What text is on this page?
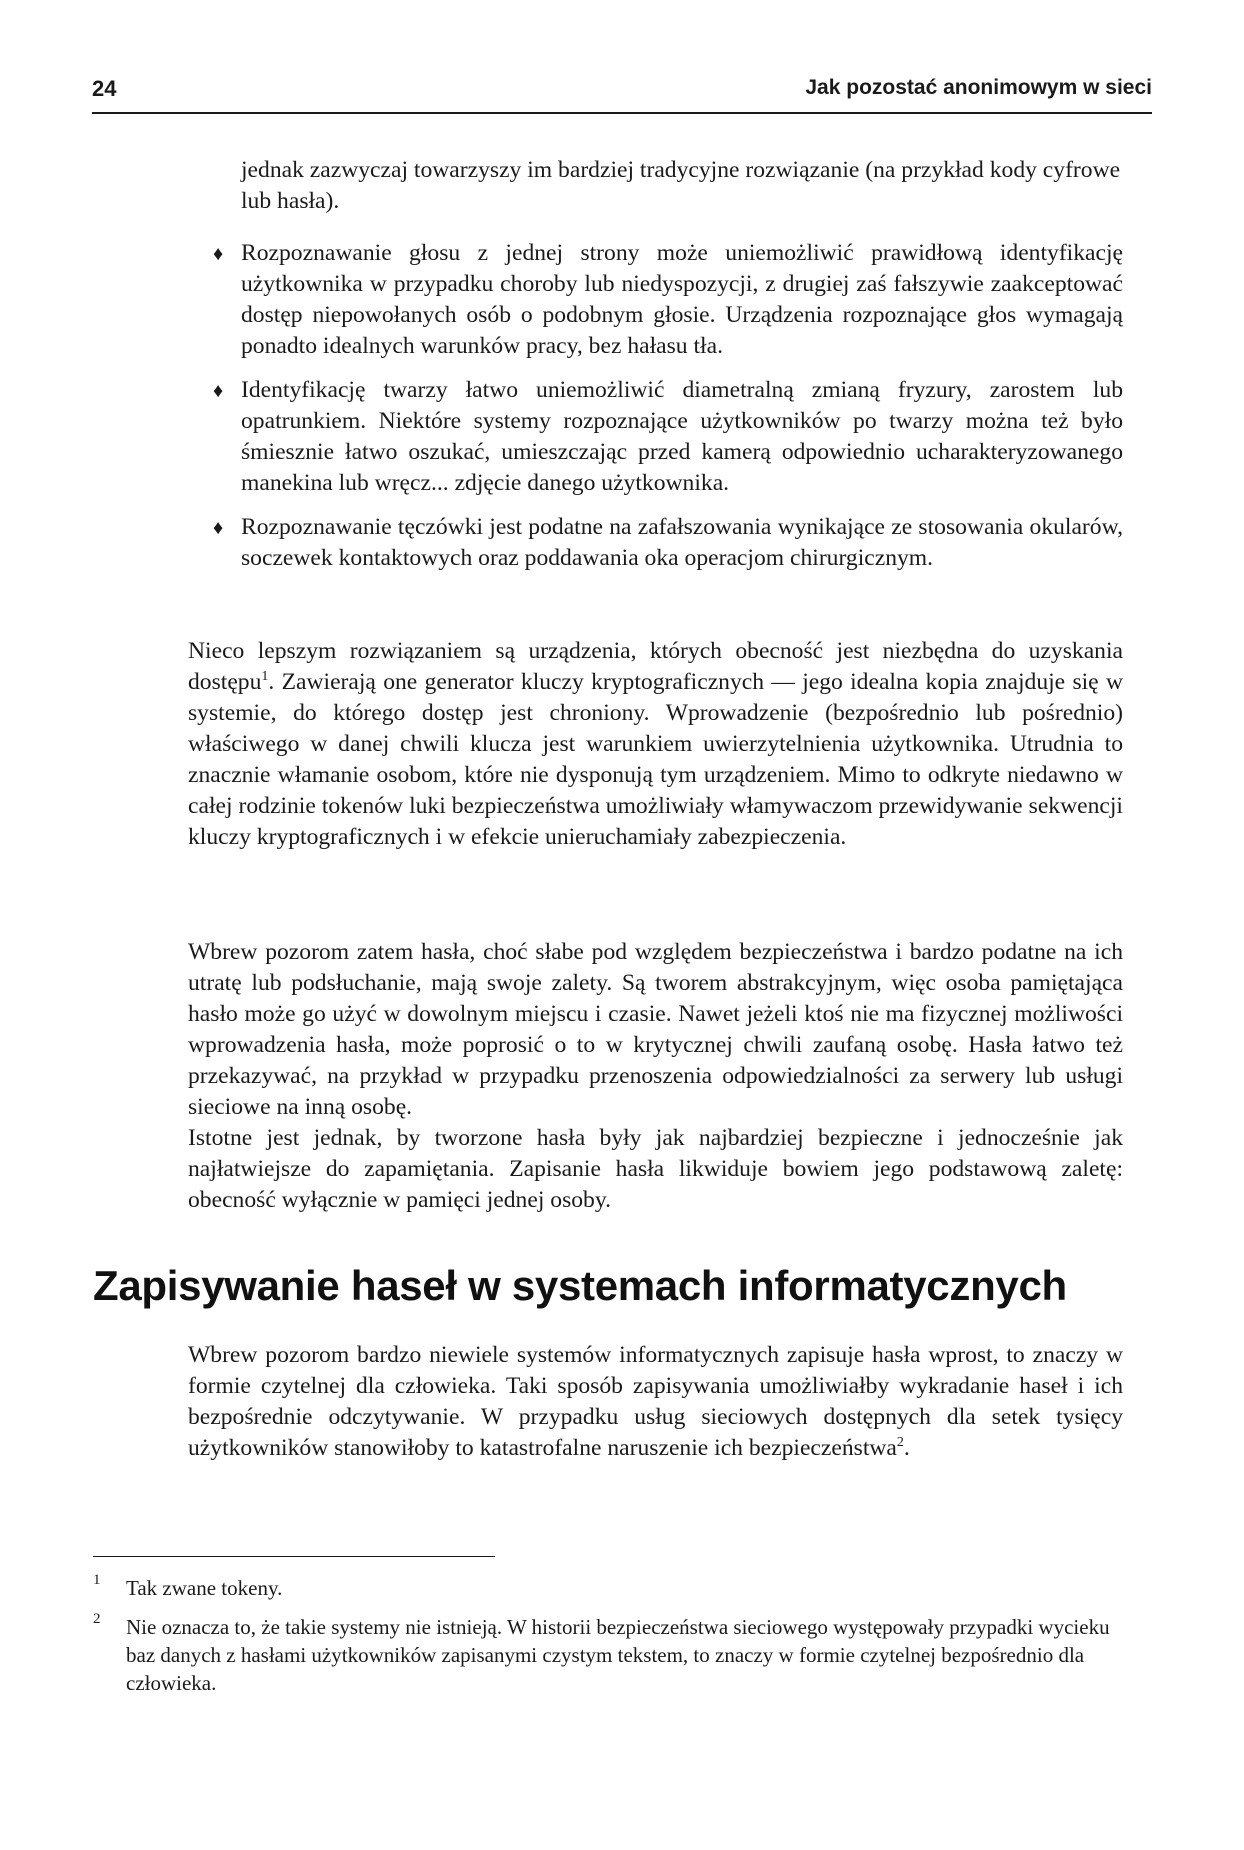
24	Jak pozostać anonimowym w sieci

jednak zazwyczaj towarzyszy im bardziej tradycyjne rozwiązanie (na przykład kody cyfrowe lub hasła).

♦ Rozpoznawanie głosu z jednej strony może uniemożliwić prawidłową identyfikację użytkownika w przypadku choroby lub niedyspozycji, z drugiej zaś fałszywie zaakceptować dostęp niepowołanych osób o podobnym głosie. Urządzenia rozpoznające głos wymagają ponadto idealnych warunków pracy, bez hałasu tła.
♦ Identyfikację twarzy łatwo uniemożliwić diametralną zmianą fryzury, zarostem lub opatrunkiem. Niektóre systemy rozpoznające użytkowników po twarzy można też było śmiesznie łatwo oszukać, umieszczając przed kamerą odpowiednio ucharakteryzowanego manekina lub wręcz... zdjęcie danego użytkownika.
♦ Rozpoznawanie tęczówki jest podatne na zafałszowania wynikające ze stosowania okularów, soczewek kontaktowych oraz poddawania oka operacjom chirurgicznym.

Nieco lepszym rozwiązaniem są urządzenia, których obecność jest niezbędna do uzyskania dostępu$^1$. Zawierają one generator kluczy kryptograficznych — jego idealna kopia znajduje się w systemie, do którego dostęp jest chroniony. Wprowadzenie (bezpośrednio lub pośrednio) właściwego w danej chwili klucza jest warunkiem uwierzytelnienia użytkownika. Utrudnia to znacznie włamanie osobom, które nie dysponują tym urządzeniem. Mimo to odkryte niedawno w całej rodzinie tokenów luki bezpieczeństwa umożliwiały włamywaczom przewidywanie sekwencji kluczy kryptograficznych i w efekcie unieruchamiały zabezpieczenia.

Wbrew pozorom zatem hasła, choć słabe pod względem bezpieczeństwa i bardzo podatne na ich utratę lub podsłuchanie, mają swoje zalety. Są tworem abstrakcyjnym, więc osoba pamiętająca hasło może go użyć w dowolnym miejscu i czasie. Nawet jeżeli ktoś nie ma fizycznej możliwości wprowadzenia hasła, może poprosić o to w krytycznej chwili zaufaną osobę. Hasła łatwo też przekazywać, na przykład w przypadku przenoszenia odpowiedzialności za serwery lub usługi sieciowe na inną osobę.

Istotne jest jednak, by tworzone hasła były jak najbardziej bezpieczne i jednocześnie jak najłatwiejsze do zapamiętania. Zapisanie hasła likwiduje bowiem jego podstawową zaletę: obecność wyłącznie w pamięci jednej osoby.

Zapisywanie haseł w systemach informatycznych

Wbrew pozorom bardzo niewiele systemów informatycznych zapisuje hasła wprost, to znaczy w formie czytelnej dla człowieka. Taki sposób zapisywania umożliwiałby wykradanie haseł i ich bezpośrednie odczytywanie. W przypadku usług sieciowych dostępnych dla setek tysięcy użytkowników stanowiłoby to katastrofalne naruszenie ich bezpieczeństwa$^2$.

1 Tak zwane tokeny.
2 Nie oznacza to, że takie systemy nie istnieją. W historii bezpieczeństwa sieciowego występowały przypadki wycieku baz danych z hasłami użytkowników zapisanymi czystym tekstem, to znaczy w formie czytelnej bezpośrednio dla człowieka.
